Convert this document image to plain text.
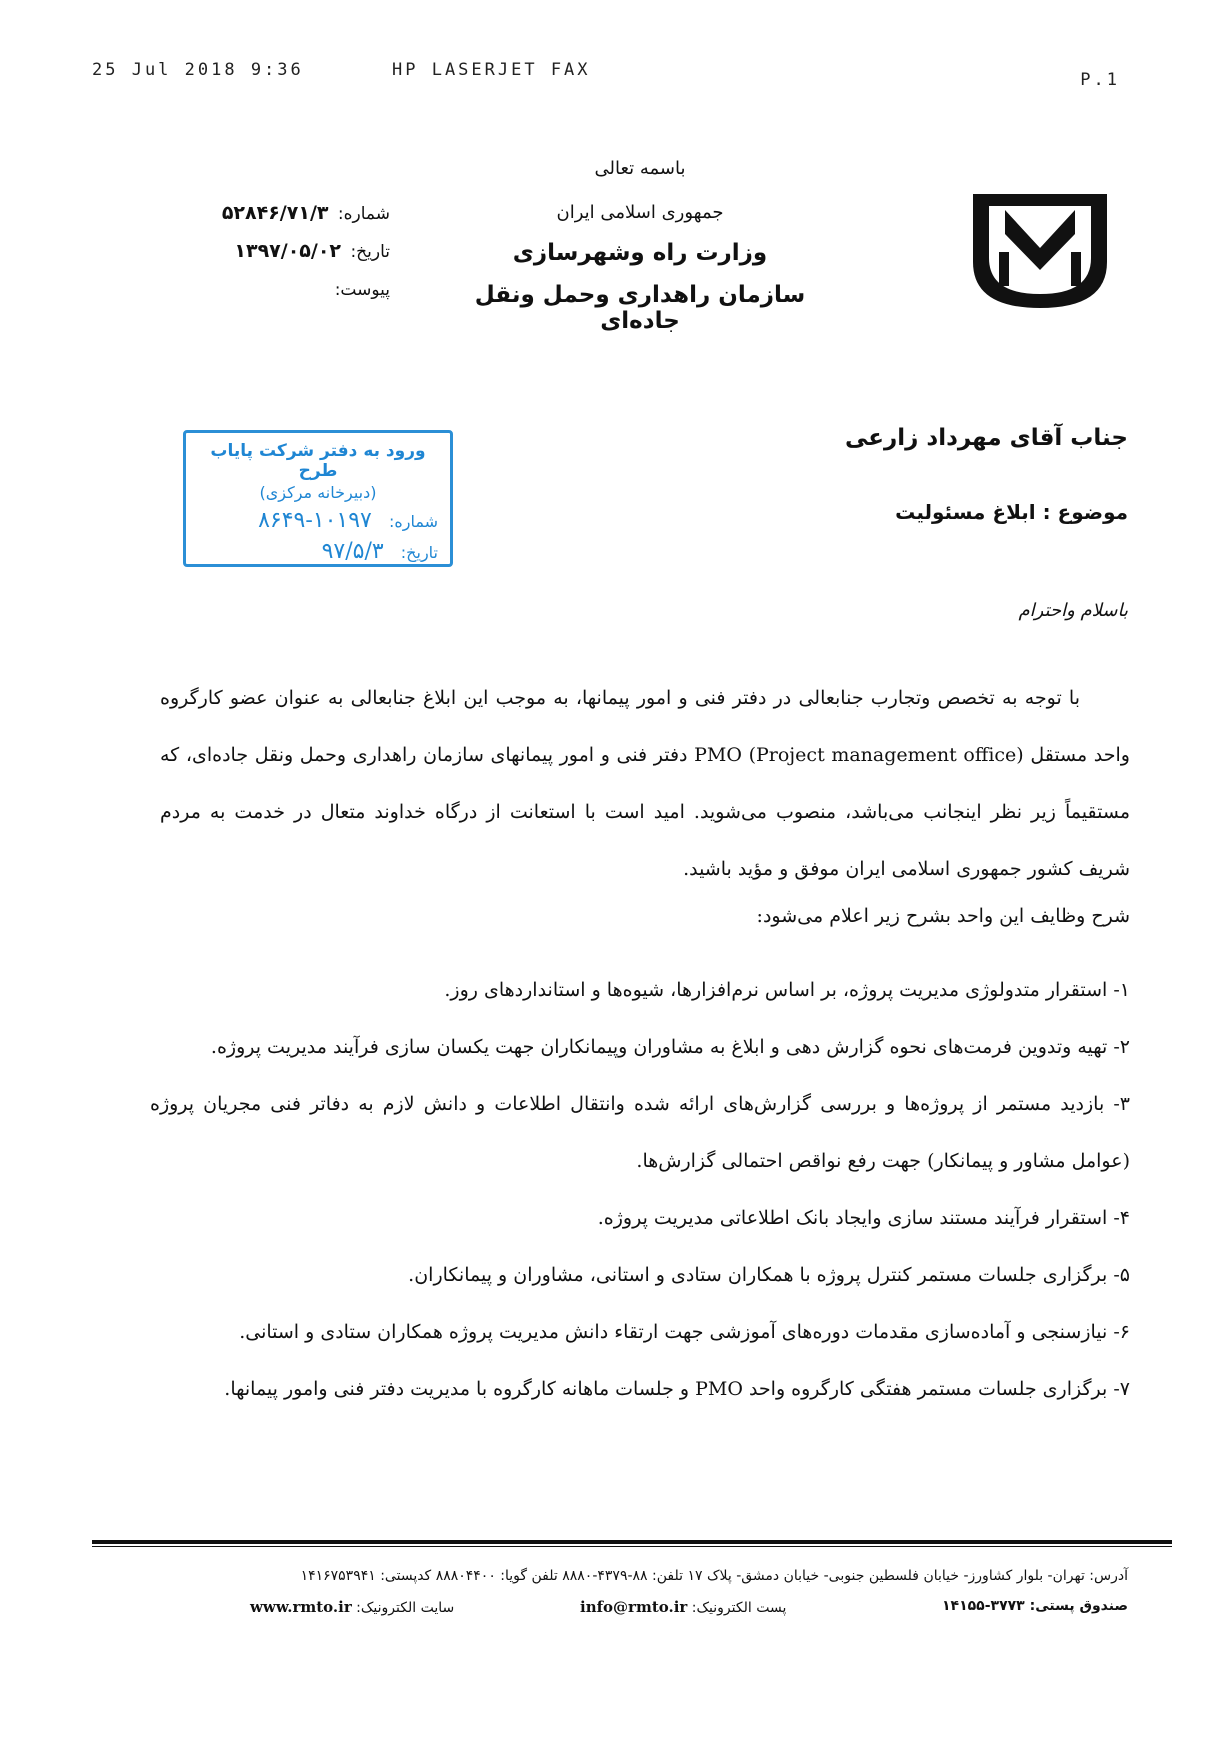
25 Jul 2018 9:36	HP LASERJET FAX	P.1
باسمه تعالی
جمهوری اسلامی ایران
وزارت راه وشهرسازی
سازمان راهداری وحمل ونقل جاده‌ای
شماره: ۵۲۸۴۶/۷۱/۳
تاریخ: ۱۳۹۷/۰۵/۰۲
پیوست:
ورود به دفتر شرکت پایاب طرح
(دبیرخانه مرکزی)
شماره: ۱۰۱۹۷-۸۶۴۹
تاریخ: ۹۷/۵/۳
جناب آقای مهرداد زارعی
موضوع : ابلاغ مسئولیت
باسلام واحترام
با توجه به تخصص وتجارب جنابعالی در دفتر فنی و امور پیمانها، به موجب این ابلاغ جنابعالی به عنوان عضو کارگروه واحد مستقل PMO (Project management office) دفتر فنی و امور پیمانهای سازمان راهداری وحمل ونقل جاده‌ای، که مستقیماً زیر نظر اینجانب می‌باشد، منصوب می‌شوید. امید است با استعانت از درگاه خداوند متعال در خدمت به مردم شریف کشور جمهوری اسلامی ایران موفق و مؤید باشید.
شرح وظایف این واحد بشرح زیر اعلام می‌شود:
۱- استقرار متدولوژی مدیریت پروژه، بر اساس نرم‌افزارها، شیوه‌ها و استانداردهای روز.
۲- تهیه وتدوین فرمت‌های نحوه گزارش دهی و ابلاغ به مشاوران وپیمانکاران جهت یکسان سازی فرآیند مدیریت پروژه.
۳- بازدید مستمر از پروژه‌ها و بررسی گزارش‌های ارائه شده وانتقال اطلاعات و دانش لازم به دفاتر فنی مجریان پروژه (عوامل مشاور و پیمانکار) جهت رفع نواقص احتمالی گزارش‌ها.
۴- استقرار فرآیند مستند سازی وایجاد بانک اطلاعاتی مدیریت پروژه.
۵- برگزاری جلسات مستمر کنترل پروژه با همکاران ستادی و استانی، مشاوران و پیمانکاران.
۶- نیازسنجی و آماده‌سازی مقدمات دوره‌های آموزشی جهت ارتقاء دانش مدیریت پروژه همکاران ستادی و استانی.
۷- برگزاری جلسات مستمر هفتگی کارگروه واحد PMO و جلسات ماهانه کارگروه با مدیریت دفتر فنی وامور پیمانها.
آدرس: تهران- بلوار کشاورز- خیابان فلسطین جنوبی- خیابان دمشق- پلاک ۱۷ تلفن: ۸۸-۴۳۷۹-۸۸۸۰ تلفن گویا: ۸۸۸۰۴۴۰۰ کدپستی: ۱۴۱۶۷۵۳۹۴۱
صندوق پستی: ۳۷۷۳-۱۴۱۵۵
پست الکترونیک: info@rmto.ir
سایت الکترونیک: www.rmto.ir
